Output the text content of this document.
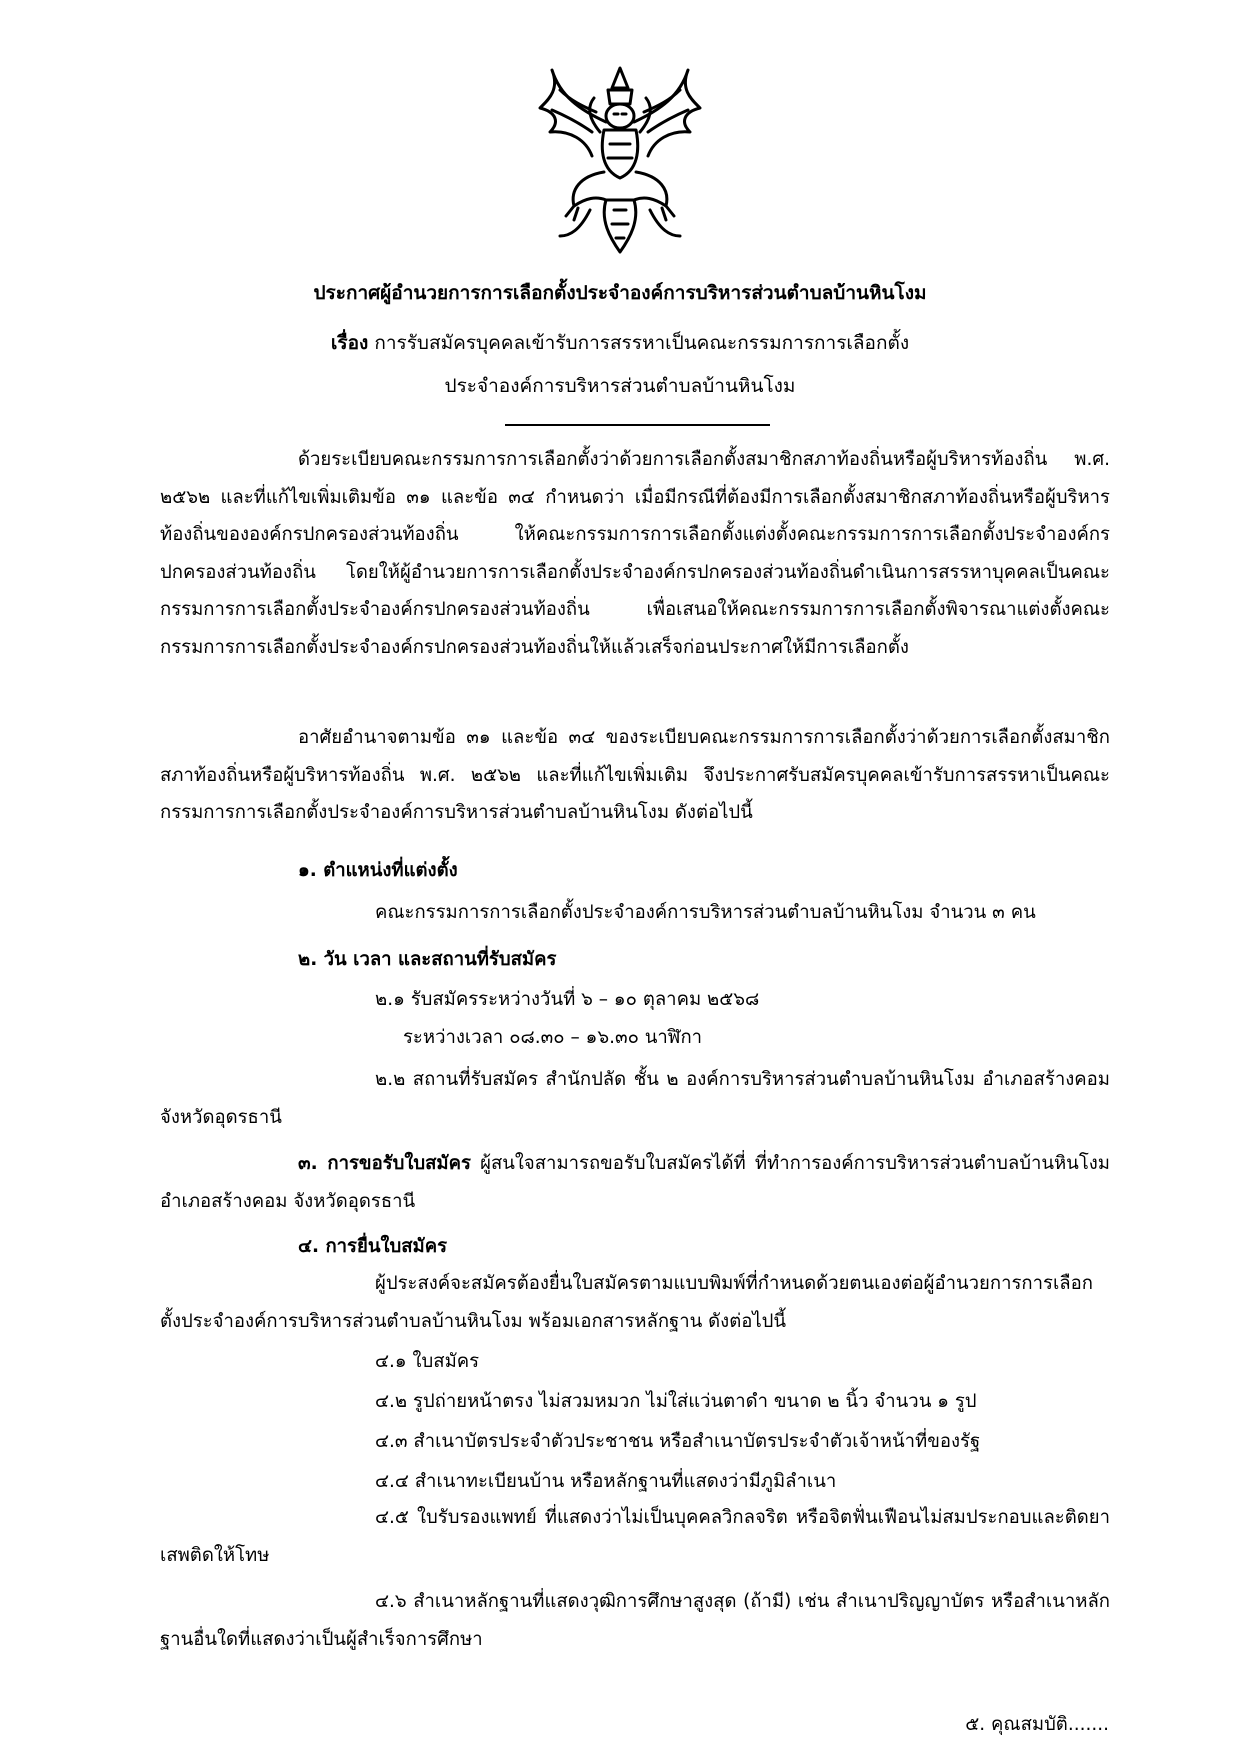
ประกาศผู้อำนวยการการเลือกตั้งประจำองค์การบริหารส่วนตำบลบ้านหินโงม
เรื่อง การรับสมัครบุคคลเข้ารับการสรรหาเป็นคณะกรรมการการเลือกตั้ง
ประจำองค์การบริหารส่วนตำบลบ้านหินโงม

ด้วยระเบียบคณะกรรมการการเลือกตั้งว่าด้วยการเลือกตั้งสมาชิกสภาท้องถิ่นหรือผู้บริหารท้องถิ่น พ.ศ. ๒๕๖๒ และที่แก้ไขเพิ่มเติมข้อ ๓๑ และข้อ ๓๔ กำหนดว่า เมื่อมีกรณีที่ต้องมีการเลือกตั้งสมาชิกสภาท้องถิ่นหรือผู้บริหารท้องถิ่นขององค์กรปกครองส่วนท้องถิ่น ให้คณะกรรมการการเลือกตั้งแต่งตั้งคณะกรรมการการเลือกตั้งประจำองค์กรปกครองส่วนท้องถิ่น โดยให้ผู้อำนวยการการเลือกตั้งประจำองค์กรปกครองส่วนท้องถิ่นดำเนินการสรรหาบุคคลเป็นคณะกรรมการการเลือกตั้งประจำองค์กรปกครองส่วนท้องถิ่น เพื่อเสนอให้คณะกรรมการการเลือกตั้งพิจารณาแต่งตั้งคณะกรรมการการเลือกตั้งประจำองค์กรปกครองส่วนท้องถิ่นให้แล้วเสร็จก่อนประกาศให้มีการเลือกตั้ง

อาศัยอำนาจตามข้อ ๓๑ และข้อ ๓๔ ของระเบียบคณะกรรมการการเลือกตั้งว่าด้วยการเลือกตั้งสมาชิกสภาท้องถิ่นหรือผู้บริหารท้องถิ่น พ.ศ. ๒๕๖๒ และที่แก้ไขเพิ่มเติม จึงประกาศรับสมัครบุคคลเข้ารับการสรรหาเป็นคณะกรรมการการเลือกตั้งประจำองค์การบริหารส่วนตำบลบ้านหินโงม ดังต่อไปนี้

๑. ตำแหน่งที่แต่งตั้ง
คณะกรรมการการเลือกตั้งประจำองค์การบริหารส่วนตำบลบ้านหินโงม จำนวน ๓ คน
๒. วัน เวลา และสถานที่รับสมัคร
๒.๑ รับสมัครระหว่างวันที่ ๖ – ๑๐ ตุลาคม ๒๕๖๘
ระหว่างเวลา ๐๘.๓๐ – ๑๖.๓๐ นาฬิกา

๒.๒ สถานที่รับสมัคร สำนักปลัด ชั้น ๒ องค์การบริหารส่วนตำบลบ้านหินโงม อำเภอสร้างคอม จังหวัดอุดรธานี

๓. การขอรับใบสมัคร ผู้สนใจสามารถขอรับใบสมัครได้ที่ ที่ทำการองค์การบริหารส่วนตำบลบ้านหินโงม อำเภอสร้างคอม จังหวัดอุดรธานี

๔. การยื่นใบสมัคร

ผู้ประสงค์จะสมัครต้องยื่นใบสมัครตามแบบพิมพ์ที่กำหนดด้วยตนเองต่อผู้อำนวยการการเลือกตั้งประจำองค์การบริหารส่วนตำบลบ้านหินโงม พร้อมเอกสารหลักฐาน ดังต่อไปนี้

๔.๑ ใบสมัคร
๔.๒ รูปถ่ายหน้าตรง ไม่สวมหมวก ไม่ใส่แว่นตาดำ ขนาด ๒ นิ้ว จำนวน ๑ รูป
๔.๓ สำเนาบัตรประจำตัวประชาชน หรือสำเนาบัตรประจำตัวเจ้าหน้าที่ของรัฐ
๔.๔ สำเนาทะเบียนบ้าน หรือหลักฐานที่แสดงว่ามีภูมิลำเนา

๔.๕ ใบรับรองแพทย์ ที่แสดงว่าไม่เป็นบุคคลวิกลจริต หรือจิตฟั่นเฟือนไม่สมประกอบและติดยาเสพติดให้โทษ

๔.๖ สำเนาหลักฐานที่แสดงวุฒิการศึกษาสูงสุด (ถ้ามี) เช่น สำเนาปริญญาบัตร หรือสำเนาหลักฐานอื่นใดที่แสดงว่าเป็นผู้สำเร็จการศึกษา

๕. คุณสมบัติ.......
